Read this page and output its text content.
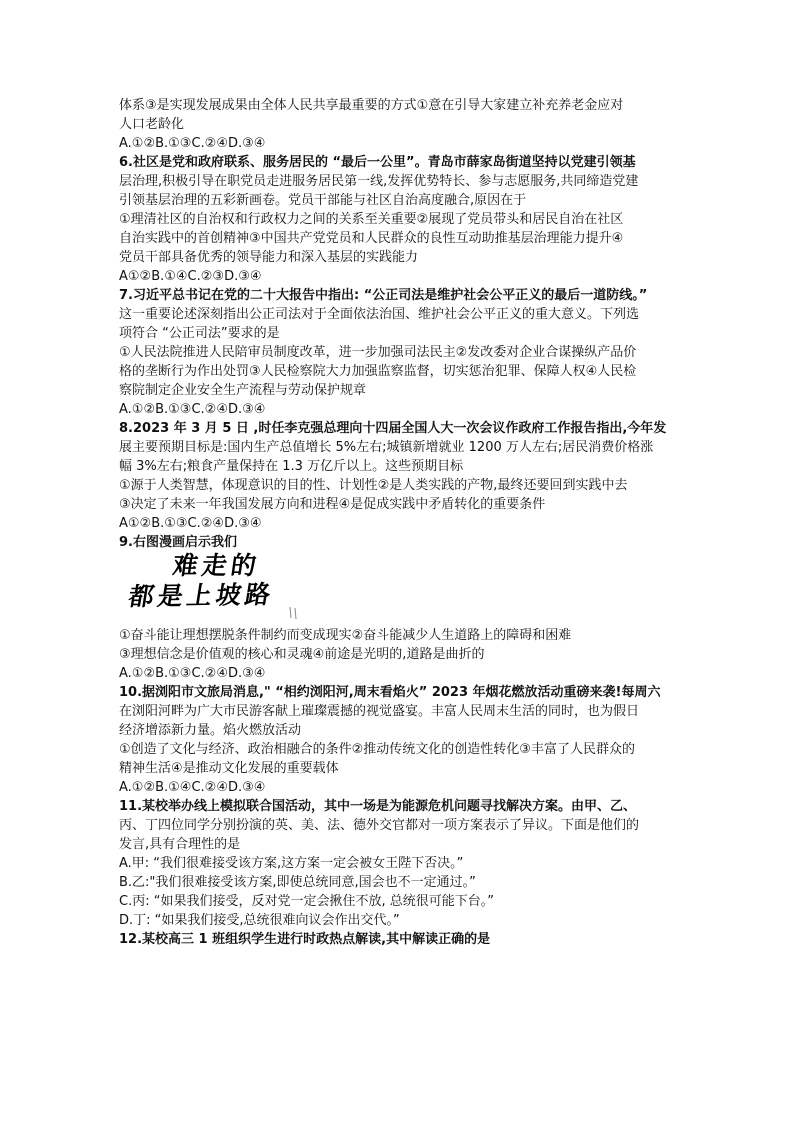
体系③是实现发展成果由全体人民共享最重要的方式①意在引导大家建立补充养老金应对
人口老龄化
A.①②B.①③C.②④D.③④
6.社区是党和政府联系、服务居民的 “最后一公里”。青岛市薛家岛街道坚持以党建引领基
层治理,积极引导在职党员走进服务居民第一线,发挥优势特长、参与志愿服务,共同缔造党建
引领基层治理的五彩新画卷。党员干部能与社区自治高度融合,原因在于
①理清社区的自治权和行政权力之间的关系至关重要②展现了党员带头和居民自治在社区
自治实践中的首创精神③中国共产党党员和人民群众的良性互动助推基层治理能力提升④
党员干部具备优秀的领导能力和深入基层的实践能力
A①②B.①④C.②③D.③④
7.习近平总书记在党的二十大报告中指出: “公正司法是维护社会公平正义的最后一道防线。”
这一重要论述深刻指出公正司法对于全面依法治国、维护社会公平正义的重大意义。下列选
项符合 “公正司法”要求的是
①人民法院推进人民陪审员制度改革，进一步加强司法民主②发改委对企业合谋操纵产品价
格的垄断行为作出处罚③人民检察院大力加强监察监督，切实惩治犯罪、保障人权④人民检
察院制定企业安全生产流程与劳动保护规章
A.①②B.①③C.②④D.③④
8.2023 年 3 月 5 日 ,时任李克强总理向十四届全国人大一次会议作政府工作报告指出,今年发
展主要预期目标是:国内生产总值增长 5%左右;城镇新增就业 1200 万人左右;居民消费价格涨
幅 3%左右;粮食产量保持在 1.3 万亿斤以上。这些预期目标
①源于人类智慧，体现意识的目的性、计划性②是人类实践的产物,最终还要回到实践中去
③决定了未来一年我国发展方向和进程④是促成实践中矛盾转化的重要条件
A①②B.①③C.②④D.③④
9.右图漫画启示我们
难走的
都是上坡路
①奋斗能让理想摆脱条件制约而变成现实②奋斗能减少人生道路上的障碍和困难
③理想信念是价值观的核心和灵魂④前途是光明的,道路是曲折的
A.①②B.①③C.②④D.③④
10.据浏阳市文旅局消息," “相约浏阳河,周末看焰火” 2023 年烟花燃放活动重磅来袭!每周六
在浏阳河畔为广大市民游客献上璀璨震撼的视觉盛宴。丰富人民周末生活的同时，也为假日
经济增添新力量。焰火燃放活动
①创造了文化与经济、政治相融合的条件②推动传统文化的创造性转化③丰富了人民群众的
精神生活④是推动文化发展的重要载体
A.①②B.①④C.②④D.③④
11.某校举办线上模拟联合国活动，其中一场是为能源危机问题寻找解决方案。由甲、乙、
丙、丁四位同学分别扮演的英、美、法、德外交官都对一项方案表示了异议。下面是他们的
发言,具有合理性的是
A.甲: “我们很难接受该方案,这方案一定会被女王陛下否决。”
B.乙:"我们很难接受该方案,即使总统同意,国会也不一定通过。”
C.丙: “如果我们接受，反对党一定会揪住不放, 总统很可能下台。”
D.丁: “如果我们接受,总统很难向议会作出交代。”
12.某校高三 1 班组织学生进行时政热点解读,其中解读正确的是
